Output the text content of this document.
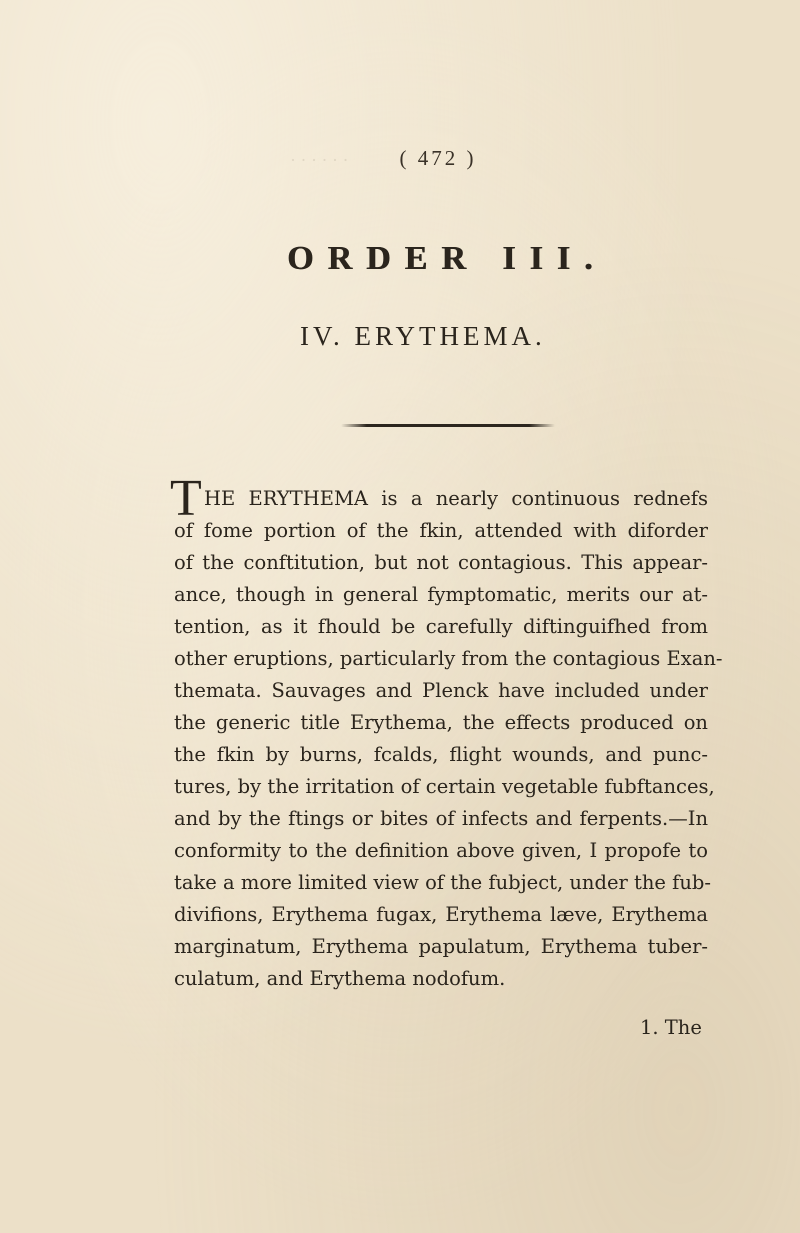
· · · · · ·	( 472 )
ORDER III.
IV. ERYTHEMA.
T HE ERYTHEMA is a nearly continuous rednefs
of fome portion of the fkin, attended with diforder
of the conftitution, but not contagious. This appear-
ance, though in general fymptomatic, merits our at-
tention, as it fhould be carefully diftinguifhed from
other eruptions, particularly from the contagious Exan-
themata. Sauvages and Plenck have included under
the generic title Erythema, the effects produced on
the fkin by burns, fcalds, flight wounds, and punc-
tures, by the irritation of certain vegetable fubftances,
and by the ftings or bites of infects and ferpents.—In
conformity to the definition above given, I propofe to
take a more limited view of the fubject, under the fub-
divifions, Erythema fugax, Erythema læve, Erythema
marginatum, Erythema papulatum, Erythema tuber-
culatum, and Erythema nodofum.
1. The
